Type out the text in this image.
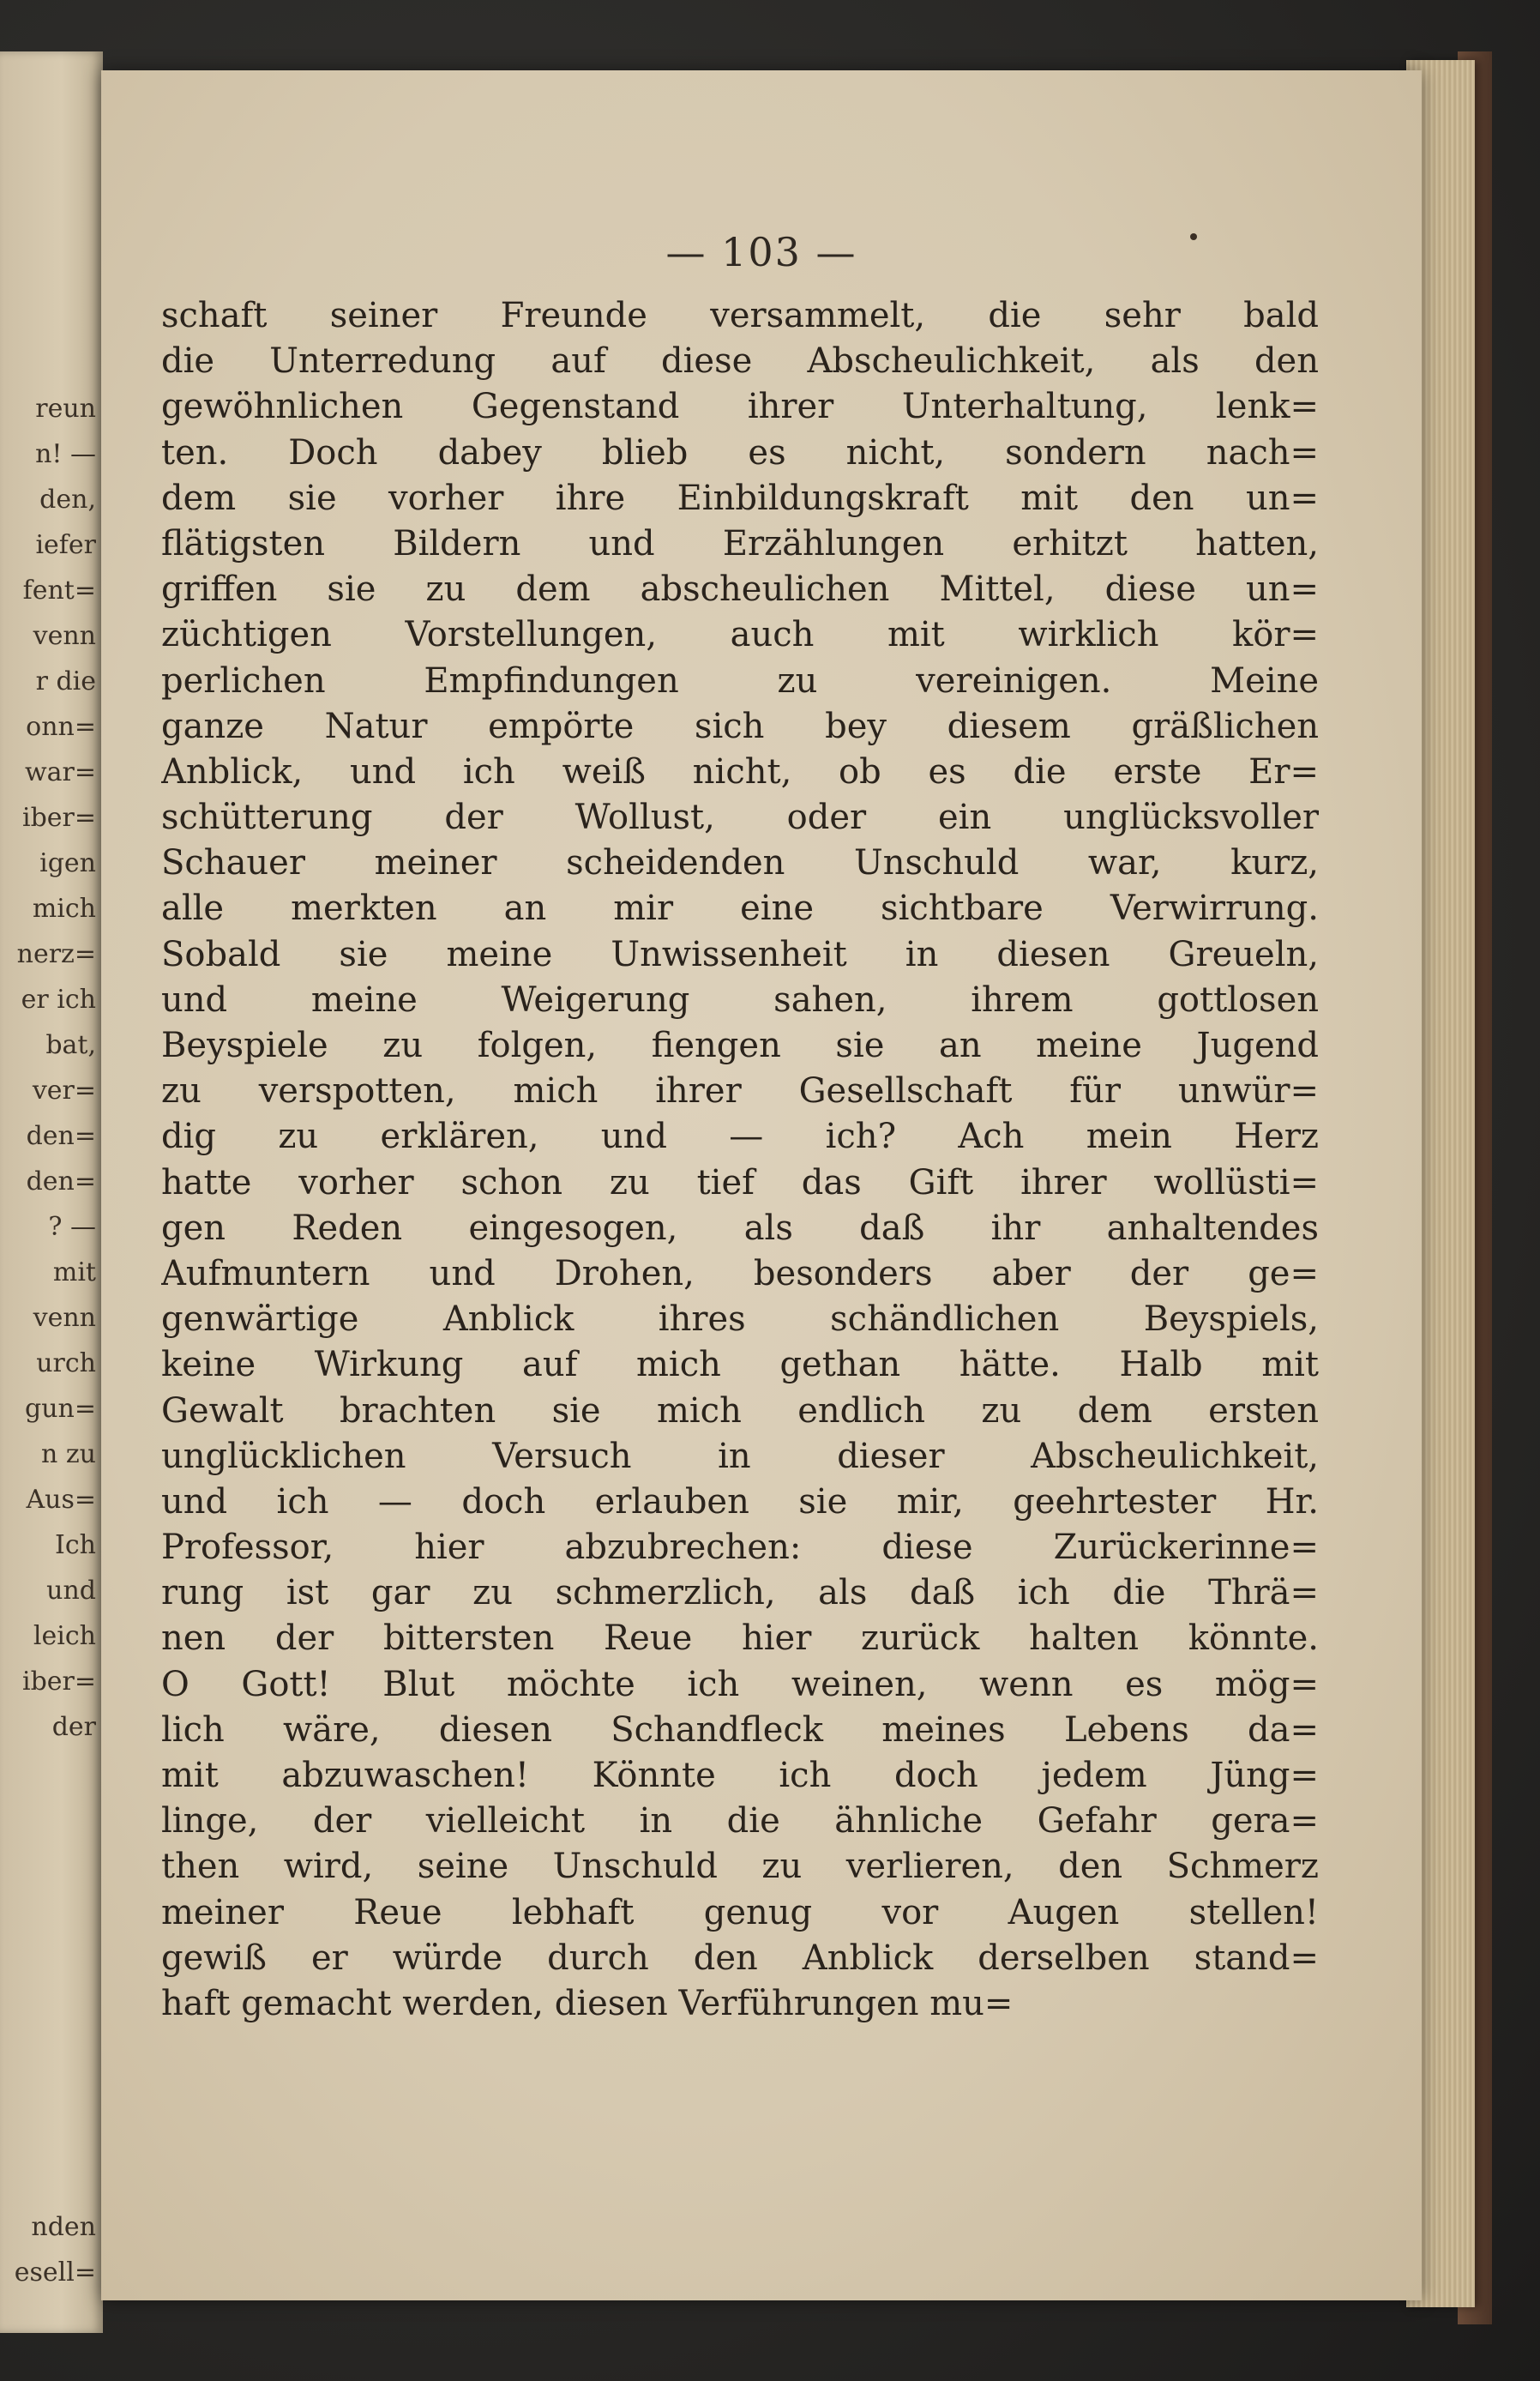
reun
n! —
den,
iefer
fent=
venn
r die
onn=
war=
iber=
igen
mich
nerz=
er ich
bat,
ver=
den=
den=
? —
mit
venn
urch
gun=
n zu
Aus=
Ich
und
leich
iber=
der
nden
esell=
— 103 —
schaft seiner Freunde versammelt, die sehr bald
die Unterredung auf diese Abscheulichkeit, als den
gewöhnlichen Gegenstand ihrer Unterhaltung, lenk=
ten. Doch dabey blieb es nicht, sondern nach=
dem sie vorher ihre Einbildungskraft mit den un=
flätigsten Bildern und Erzählungen erhitzt hatten,
griffen sie zu dem abscheulichen Mittel, diese un=
züchtigen Vorstellungen, auch mit wirklich kör=
perlichen Empfindungen zu vereinigen. Meine
ganze Natur empörte sich bey diesem gräßlichen
Anblick, und ich weiß nicht, ob es die erste Er=
schütterung der Wollust, oder ein unglücksvoller
Schauer meiner scheidenden Unschuld war, kurz,
alle merkten an mir eine sichtbare Verwirrung.
Sobald sie meine Unwissenheit in diesen Greueln,
und meine Weigerung sahen, ihrem gottlosen
Beyspiele zu folgen, fiengen sie an meine Jugend
zu verspotten, mich ihrer Gesellschaft für unwür=
dig zu erklären, und — ich? Ach mein Herz
hatte vorher schon zu tief das Gift ihrer wollüsti=
gen Reden eingesogen, als daß ihr anhaltendes
Aufmuntern und Drohen, besonders aber der ge=
genwärtige Anblick ihres schändlichen Beyspiels,
keine Wirkung auf mich gethan hätte. Halb mit
Gewalt brachten sie mich endlich zu dem ersten
unglücklichen Versuch in dieser Abscheulichkeit,
und ich — doch erlauben sie mir, geehrtester Hr.
Professor, hier abzubrechen: diese Zurückerinne=
rung ist gar zu schmerzlich, als daß ich die Thrä=
nen der bittersten Reue hier zurück halten könnte.
O Gott! Blut möchte ich weinen, wenn es mög=
lich wäre, diesen Schandfleck meines Lebens da=
mit abzuwaschen! Könnte ich doch jedem Jüng=
linge, der vielleicht in die ähnliche Gefahr gera=
then wird, seine Unschuld zu verlieren, den Schmerz
meiner Reue lebhaft genug vor Augen stellen!
gewiß er würde durch den Anblick derselben stand=
haft gemacht werden, diesen Verführungen mu=
